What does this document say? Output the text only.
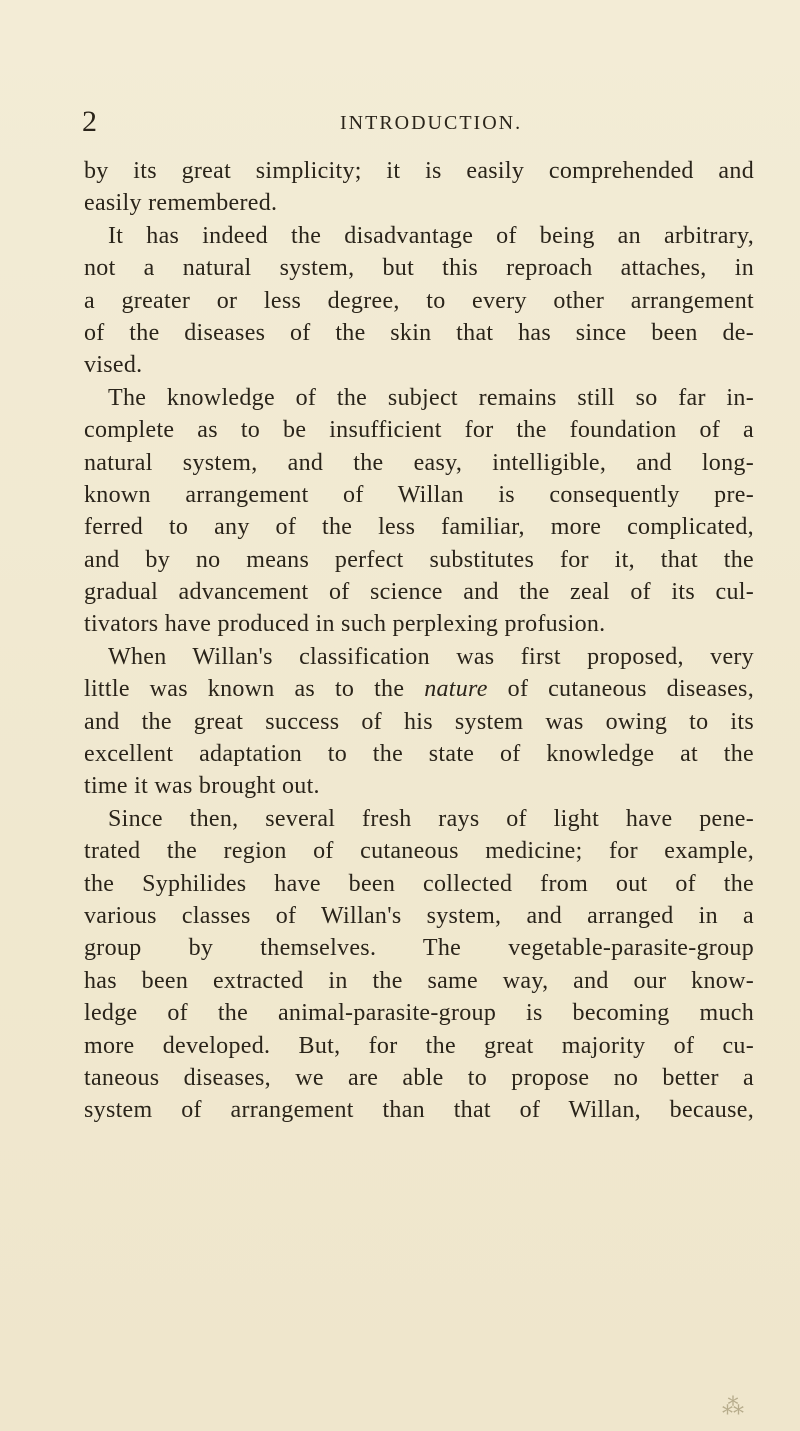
2	INTRODUCTION.
by its great simplicity; it is easily comprehended and
easily remembered.
It has indeed the disadvantage of being an arbitrary,
not a natural system, but this reproach attaches, in
a greater or less degree, to every other arrangement
of the diseases of the skin that has since been de-
vised.
The knowledge of the subject remains still so far in-
complete as to be insufficient for the foundation of a
natural system, and the easy, intelligible, and long-
known arrangement of Willan is consequently pre-
ferred to any of the less familiar, more complicated,
and by no means perfect substitutes for it, that the
gradual advancement of science and the zeal of its cul-
tivators have produced in such perplexing profusion.
When Willan's classification was first proposed, very
little was known as to the nature of cutaneous diseases,
and the great success of his system was owing to its
excellent adaptation to the state of knowledge at the
time it was brought out.
Since then, several fresh rays of light have pene-
trated the region of cutaneous medicine; for example,
the Syphilides have been collected from out of the
various classes of Willan's system, and arranged in a
group by themselves. The vegetable-parasite-group
has been extracted in the same way, and our know-
ledge of the animal-parasite-group is becoming much
more developed. But, for the great majority of cu-
taneous diseases, we are able to propose no better a
system of arrangement than that of Willan, because,
⁂
